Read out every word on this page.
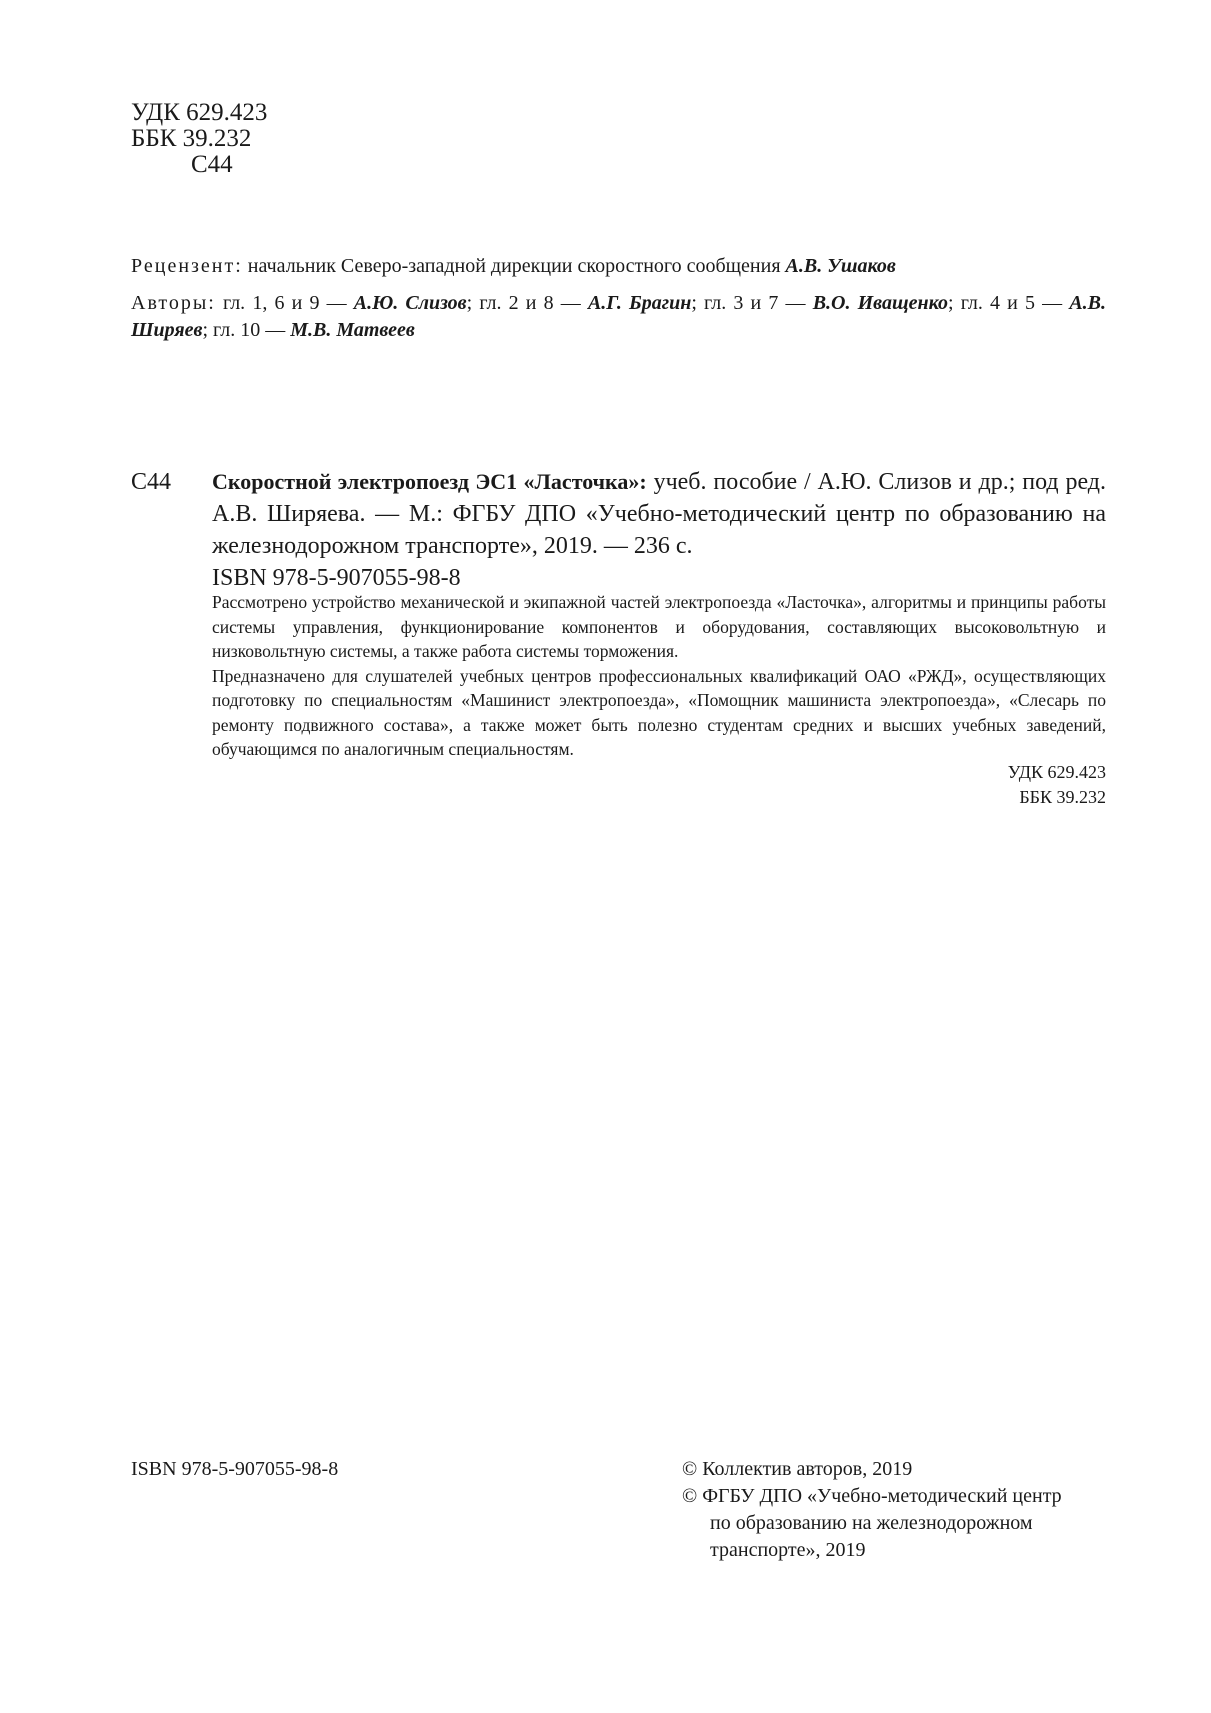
УДК 629.423
ББК 39.232
С44
Рецензент: начальник Северо-западной дирекции скоростного сообщения А.В. Ушаков
Авторы: гл. 1, 6 и 9 — А.Ю. Слизов; гл. 2 и 8 — А.Г. Брагин; гл. 3 и 7 — В.О. Иващенко; гл. 4 и 5 — А.В. Ширяев; гл. 10 — М.В. Матвеев
С44	Скоростной электропоезд ЭС1 «Ласточка»: учеб. пособие / А.Ю. Слизов и др.; под ред. А.В. Ширяева. — М.: ФГБУ ДПО «Учебно-методический центр по образованию на железнодорожном транспорте», 2019. — 236 с.
ISBN 978-5-907055-98-8

Рассмотрено устройство механической и экипажной частей электропоезда «Ласточка», алгоритмы и принципы работы системы управления, функционирование компонентов и оборудования, составляющих высоковольтную и низковольтную системы, а также работа системы торможения.

Предназначено для слушателей учебных центров профессиональных квалификаций ОАО «РЖД», осуществляющих подготовку по специальностям «Машинист электропоезда», «Помощник машиниста электропоезда», «Слесарь по ремонту подвижного состава», а также может быть полезно студентам средних и высших учебных заведений, обучающимся по аналогичным специальностям.

УДК 629.423
ББК 39.232
ISBN 978-5-907055-98-8	© Коллектив авторов, 2019
© ФГБУ ДПО «Учебно-методический центр
по образованию на железнодорожном
транспорте», 2019
